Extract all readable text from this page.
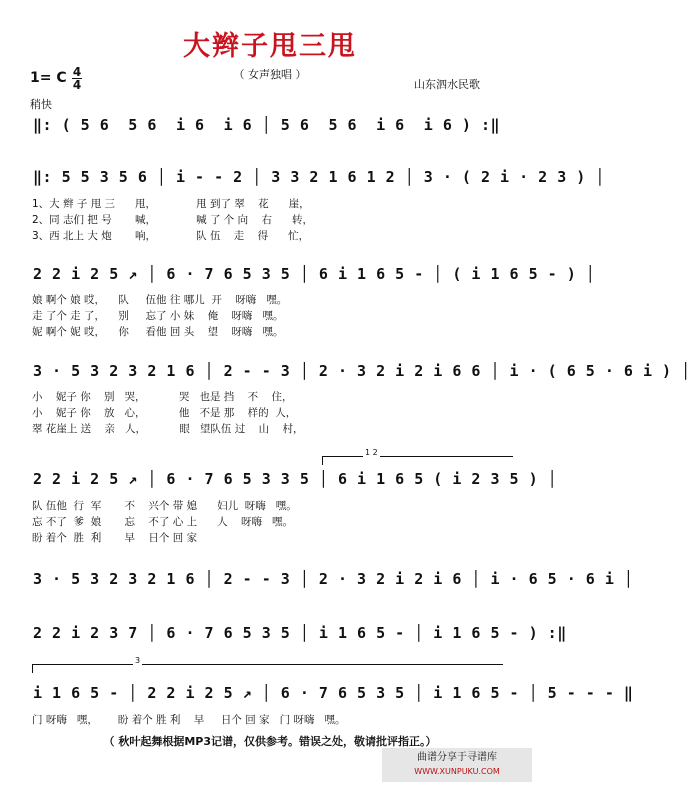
大辫子甩三甩
（ 女声独唱 ）
1= C 4
4	山东泗水民歌
稍快
‖: ( 5 6  5 6  i 6  i 6 │ 5 6  5 6  i 6  i 6 ) :‖
‖: 5 5 3 5 6 │ i - - 2 │ 3 3 2 1 6 1 2 │ 3 · ( 2 i · 2 3 ) │
1、大 辫 子 甩 三      甩，            甩 到了 翠    花      崖，
2、同 志们 把 号       喊，            喊 了 个 向    右      转，
3、西 北上 大 炮       响，            队 伍    走    得      忙，
2 2 i 2 5 ↗ │ 6 · 7 6 5 3 5 │ 6 i 1 6 5 - │ ( i 1 6 5 - ) │
娘 啊个 娘 哎，    队     伍他 往 哪儿  开    呀嗨   嘿。
走 了个 走 了，    别     忘了 小 妹    俺    呀嗨   嘿。
妮 啊个 妮 哎，    你     看他 回 头    望    呀嗨   嘿。
3 · 5 3 2 3 2 1 6 │ 2 - - 3 │ 2 · 3 2 i 2 i 6 6 │ i · ( 6 5 · 6 i ) │
小    妮子 你    别   哭，          哭   也是 挡    不    住，
小    妮子 你    放   心，          他   不是 那    样的  人，
翠 花崖上 送    亲   人，          眼   望队伍 过    山    村，
1 2
2 2 i 2 5 ↗ │ 6 · 7 6 5 3 3 5 │ 6 i 1 6 5 ( i 2 3 5 ) │
队 伍他  行  军       不    兴个 带 媳      妇儿  呀嗨   嘿。
忘 不了  爹  娘       忘    不了 心 上      人    呀嗨   嘿。
盼 着个  胜  利       早    日个 回 家
3 · 5 3 2 3 2 1 6 │ 2 - - 3 │ 2 · 3 2 i 2 i 6 │ i · 6 5 · 6 i │
2 2 i 2 3 7 │ 6 · 7 6 5 3 5 │ i 1 6 5 - │ i 1 6 5 - ) :‖
3
i 1 6 5 - │ 2 2 i 2 5 ↗ │ 6 · 7 6 5 3 5 │ i 1 6 5 - │ 5 - - - ‖
门 呀嗨   嘿，      盼 着个 胜 利    早     日个 回 家   门 呀嗨   嘿。
（ 秋叶起舞根据MP3记谱，仅供参考。错误之处，敬请批评指正。）
曲谱分享于寻谱库
WWW.XUNPUKU.COM
